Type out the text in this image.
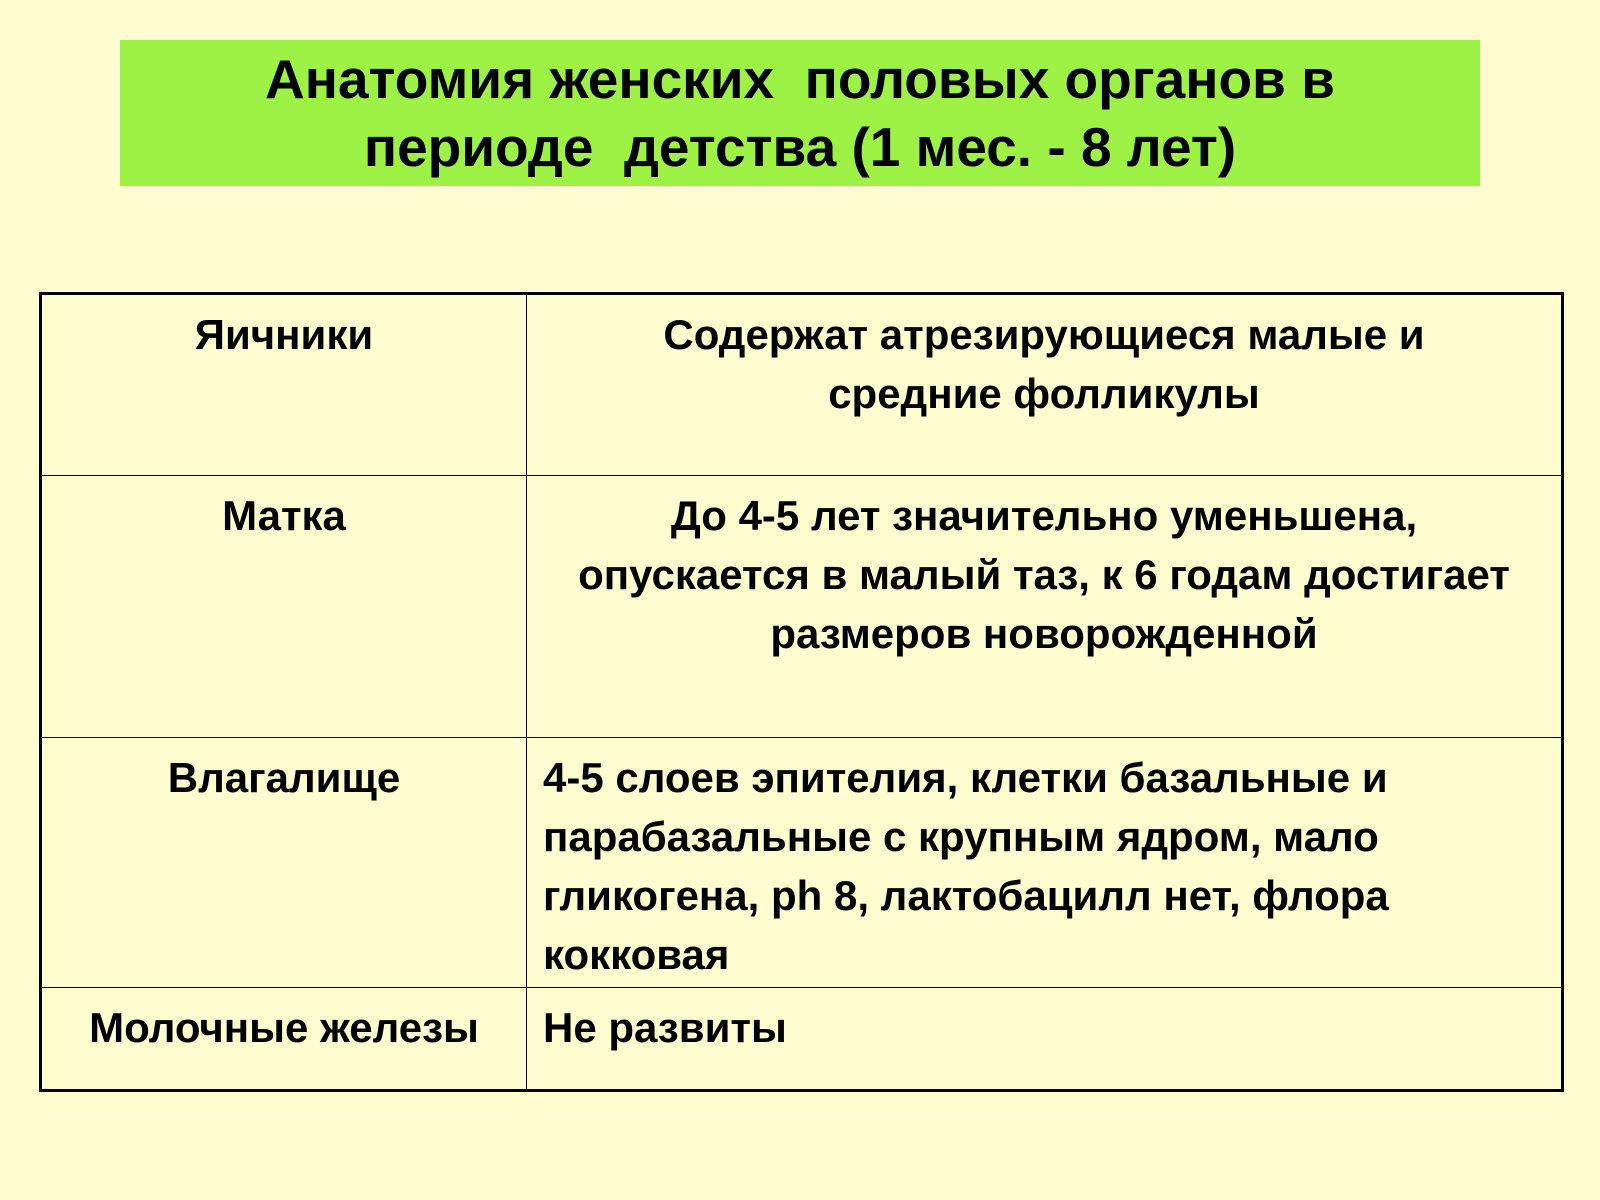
Анатомия женских  половых органов в
периоде  детства (1 мес. - 8 лет)
Яичники	Содержат атрезирующиеся малые и средние фолликулы
Матка	До 4-5 лет значительно уменьшена, опускается в малый таз, к 6 годам достигает размеров новорожденной
Влагалище	4-5 слоев эпителия, клетки базальные и парабазальные с крупным ядром, мало гликогена, ph 8, лактобацилл нет, флора кокковая
Молочные железы	Не развиты
